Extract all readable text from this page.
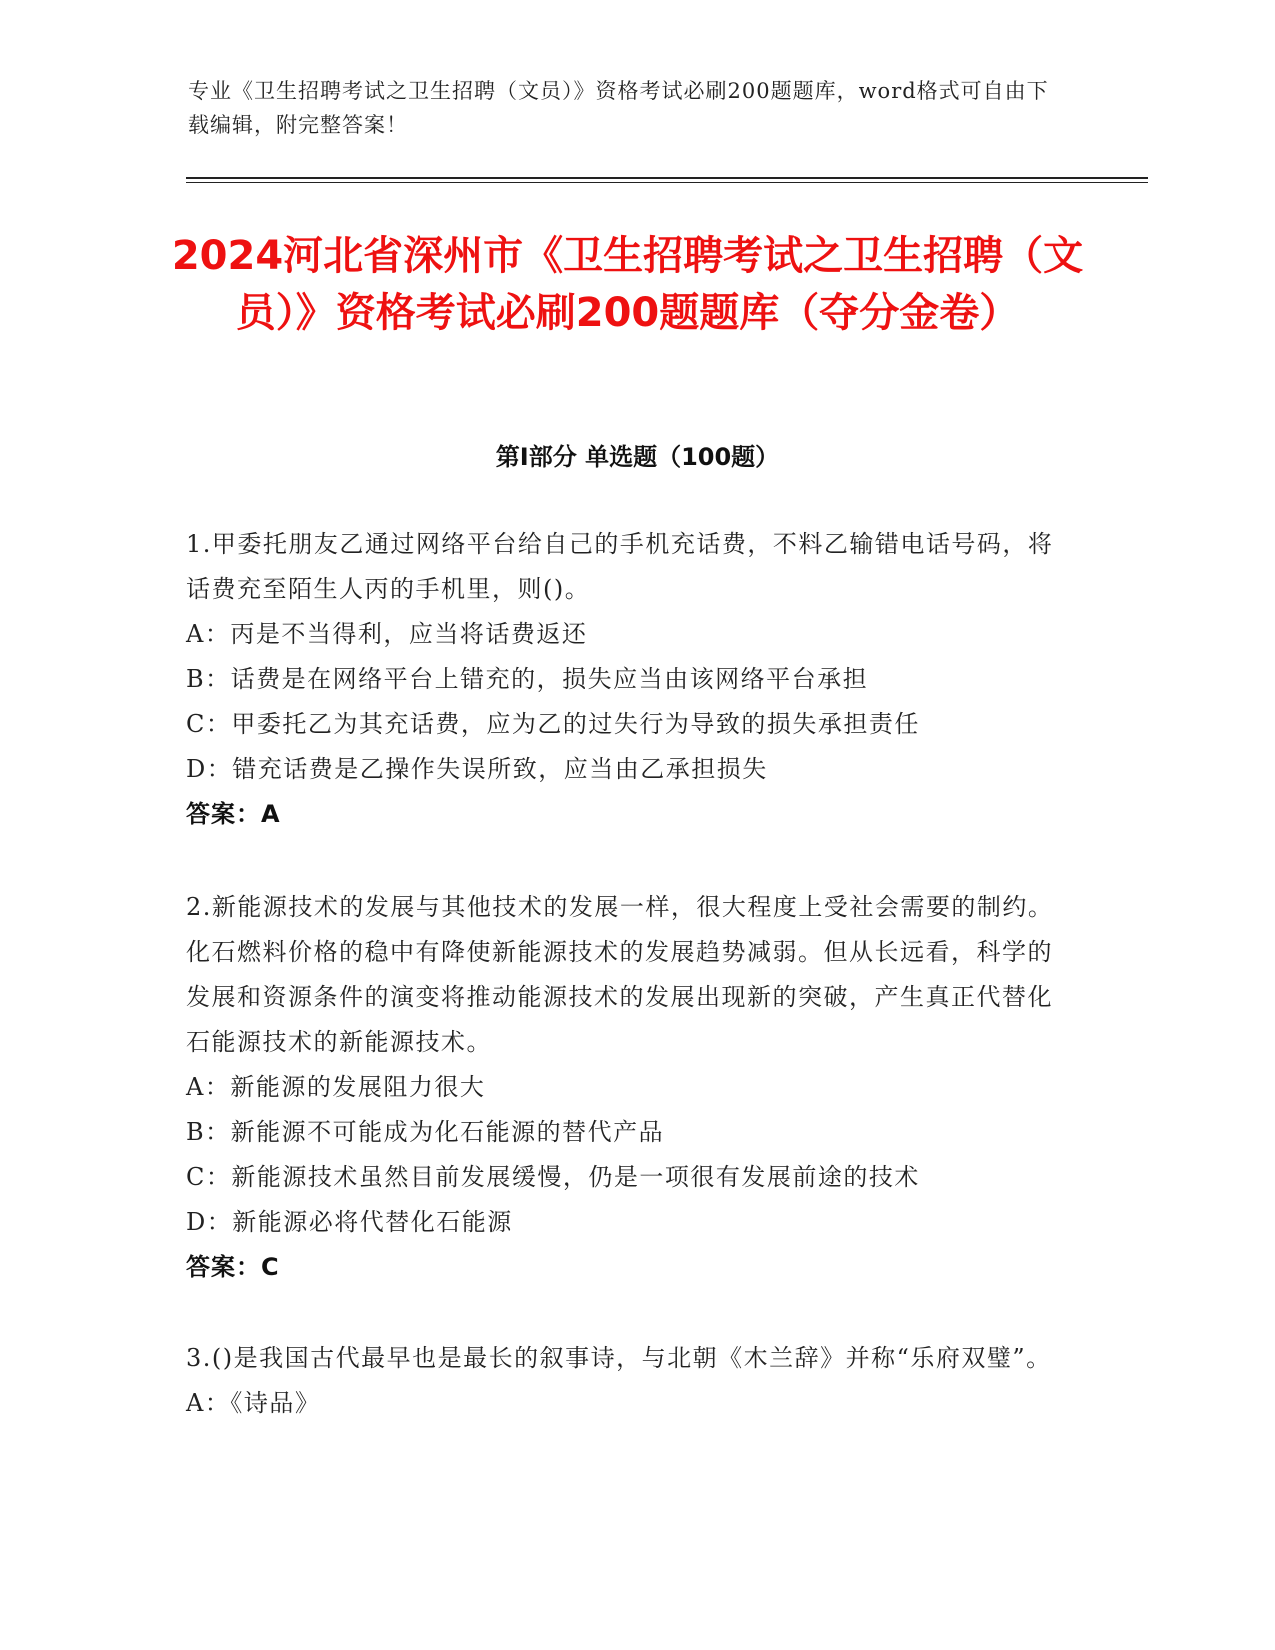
专业《卫生招聘考试之卫生招聘（文员）》资格考试必刷200题题库，word格式可自由下载编辑，附完整答案！
2024河北省深州市《卫生招聘考试之卫生招聘（文员）》资格考试必刷200题题库（夺分金卷）
第I部分 单选题（100题）

1.甲委托朋友乙通过网络平台给自己的手机充话费，不料乙输错电话号码，将话费充至陌生人丙的手机里，则()。

A：丙是不当得利，应当将话费返还

B：话费是在网络平台上错充的，损失应当由该网络平台承担

C：甲委托乙为其充话费，应为乙的过失行为导致的损失承担责任

D：错充话费是乙操作失误所致，应当由乙承担损失

答案：A

2.新能源技术的发展与其他技术的发展一样，很大程度上受社会需要的制约。化石燃料价格的稳中有降使新能源技术的发展趋势减弱。但从长远看，科学的发展和资源条件的演变将推动能源技术的发展出现新的突破，产生真正代替化石能源技术的新能源技术。

A：新能源的发展阻力很大

B：新能源不可能成为化石能源的替代产品

C：新能源技术虽然目前发展缓慢，仍是一项很有发展前途的技术

D：新能源必将代替化石能源

答案：C

3.()是我国古代最早也是最长的叙事诗，与北朝《木兰辞》并称“乐府双璧”。

A：《诗品》
